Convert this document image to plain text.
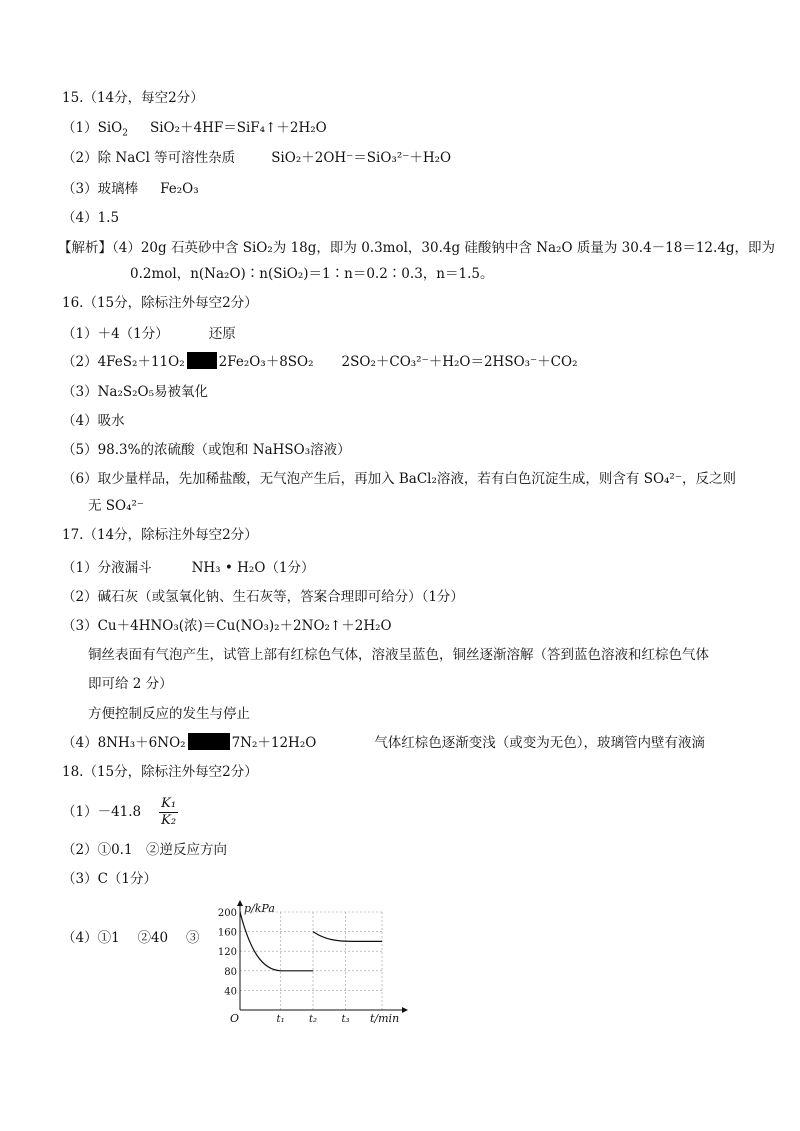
15.（14分，每空2分）
（1）SiO$_2$ SiO₂＋4HF＝SiF₄↑＋2H₂O
（2）除 NaCl 等可溶性杂质	SiO₂＋2OH⁻＝SiO₃²⁻＋H₂O
（3）玻璃棒 Fe₂O₃
（4）1.5
【解析】（4）20g 石英砂中含 SiO₂为 18g，即为 0.3mol，30.4g 硅酸钠中含 Na₂O 质量为 30.4－18＝12.4g，即为
0.2mol，n(Na₂O)∶n(SiO₂)＝1∶n＝0.2∶0.3，n＝1.5。
16.（15分，除标注外每空2分）
（1）＋4（1分）	还原
（2）4FeS₂＋11O₂	2Fe₂O₃＋8SO₂ 2SO₂＋CO₃²⁻＋H₂O＝2HSO₃⁻＋CO₂
（3）Na₂S₂O₅易被氧化
（4）吸水
（5）98.3%的浓硫酸（或饱和 NaHSO₃溶液）
（6）取少量样品，先加稀盐酸，无气泡产生后，再加入 BaCl₂溶液，若有白色沉淀生成，则含有 SO₄²⁻，反之则
无 SO₄²⁻
17.（14分，除标注外每空2分）
（1）分液漏斗	NH₃ • H₂O（1分）
（2）碱石灰（或氢氧化钠、生石灰等，答案合理即可给分）（1分）
（3）Cu＋4HNO₃(浓)＝Cu(NO₃)₂＋2NO₂↑＋2H₂O
铜丝表面有气泡产生，试管上部有红棕色气体，溶液呈蓝色，铜丝逐渐溶解（答到蓝色溶液和红棕色气体
即可给 2 分）
方便控制反应的发生与停止
（4）8NH₃＋6NO₂	7N₂＋12H₂O	气体红棕色逐渐变浅（或变为无色），玻璃管内壁有液滴
18.（15分，除标注外每空2分）
$(1)-41.8 \frac{\text{K₁}}{\text{K₂}}$
（2）①0.1　②逆反应方向
（3）C（1分）
（4）①1　 ②40　 ③
p/kPa
t/min
O
40
80
120
160
200
t₁ t₂ t₃
